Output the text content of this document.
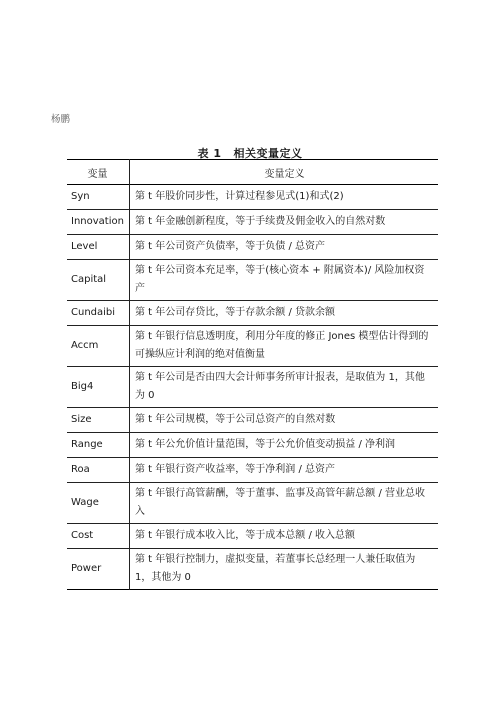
杨鹏
表 1 相关变量定义
变量	变量定义
Syn	第 t 年股价同步性，计算过程参见式(1)和式(2)
Innovation	第 t 年金融创新程度，等于手续费及佣金收入的自然对数
Level	第 t 年公司资产负债率，等于负债 / 总资产
Capital	第 t 年公司资本充足率，等于(核心资本 + 附属资本)/ 风险加权资产
Cundaibi	第 t 年公司存贷比，等于存款余额 / 贷款余额
Accm	第 t 年银行信息透明度，利用分年度的修正 Jones 模型估计得到的可操纵应计利润的绝对值衡量
Big4	第 t 年公司是否由四大会计师事务所审计报表，是取值为 1，其他为 0
Size	第 t 年公司规模，等于公司总资产的自然对数
Range	第 t 年公允价值计量范围，等于公允价值变动损益 / 净利润
Roa	第 t 年银行资产收益率，等于净利润 / 总资产
Wage	第 t 年银行高管薪酬，等于董事、监事及高管年薪总额 / 营业总收入
Cost	第 t 年银行成本收入比，等于成本总额 / 收入总额
Power	第 t 年银行控制力，虚拟变量，若董事长总经理一人兼任取值为 1，其他为 0
